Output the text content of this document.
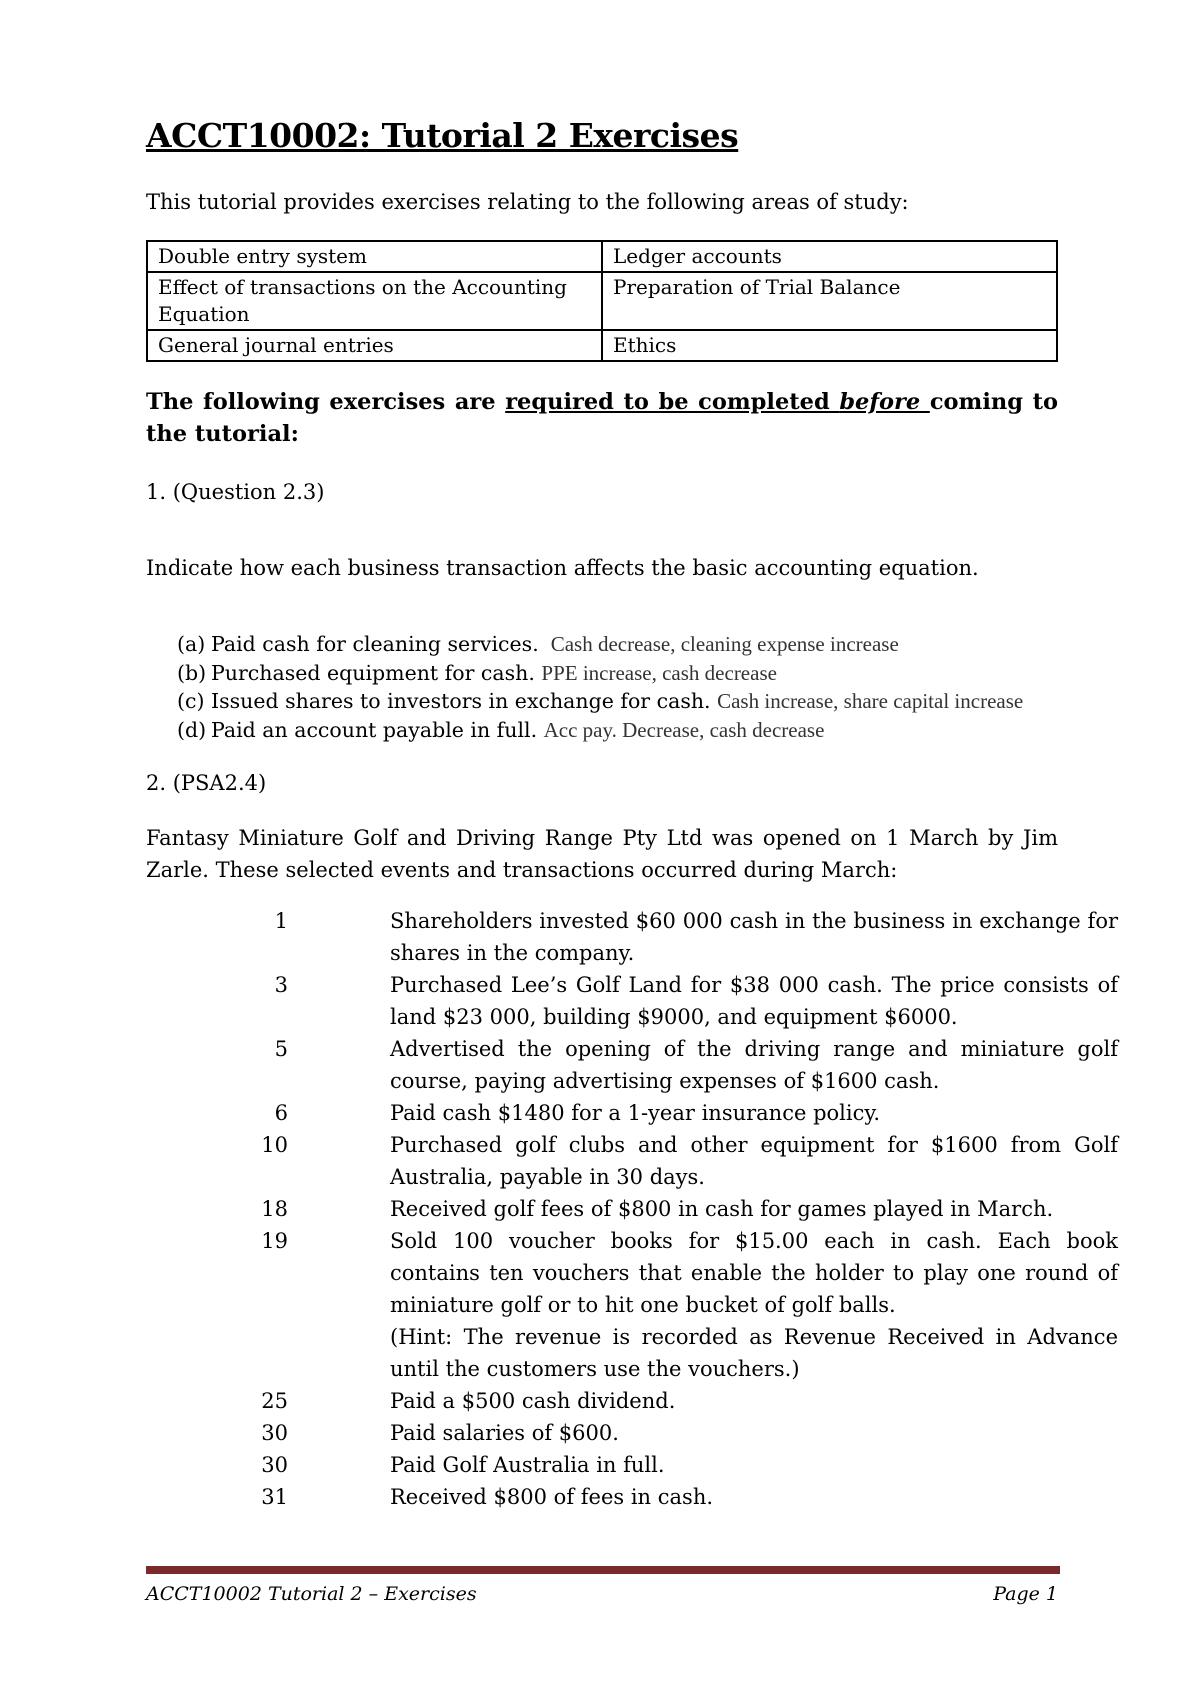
ACCT10002: Tutorial 2 Exercises
This tutorial provides exercises relating to the following areas of study:
Double entry system	Ledger accounts
Effect of transactions on the Accounting Equation	Preparation of Trial Balance
General journal entries	Ethics
The following exercises are required to be completed before coming to the tutorial:
1. (Question 2.3)
Indicate how each business transaction affects the basic accounting equation.
(a) Paid cash for cleaning services. Cash decrease, cleaning expense increase
(b) Purchased equipment for cash. PPE increase, cash decrease
(c) Issued shares to investors in exchange for cash. Cash increase, share capital increase
(d) Paid an account payable in full. Acc pay. Decrease, cash decrease
2. (PSA2.4)
Fantasy Miniature Golf and Driving Range Pty Ltd was opened on 1 March by Jim Zarle. These selected events and transactions occurred during March:
1	Shareholders invested $60 000 cash in the business in exchange for shares in the company.
3	Purchased Lee’s Golf Land for $38 000 cash. The price consists of land $23 000, building $9000, and equipment $6000.
5	Advertised the opening of the driving range and miniature golf course, paying advertising expenses of $1600 cash.
6	Paid cash $1480 for a 1-year insurance policy.
10	Purchased golf clubs and other equipment for $1600 from Golf Australia, payable in 30 days.
18	Received golf fees of $800 in cash for games played in March.
19	Sold 100 voucher books for $15.00 each in cash. Each book contains ten vouchers that enable the holder to play one round of miniature golf or to hit one bucket of golf balls.
(Hint: The revenue is recorded as Revenue Received in Advance until the customers use the vouchers.)
25	Paid a $500 cash dividend.
30	Paid salaries of $600.
30	Paid Golf Australia in full.
31	Received $800 of fees in cash.
ACCT10002 Tutorial 2 – Exercises	Page 1
